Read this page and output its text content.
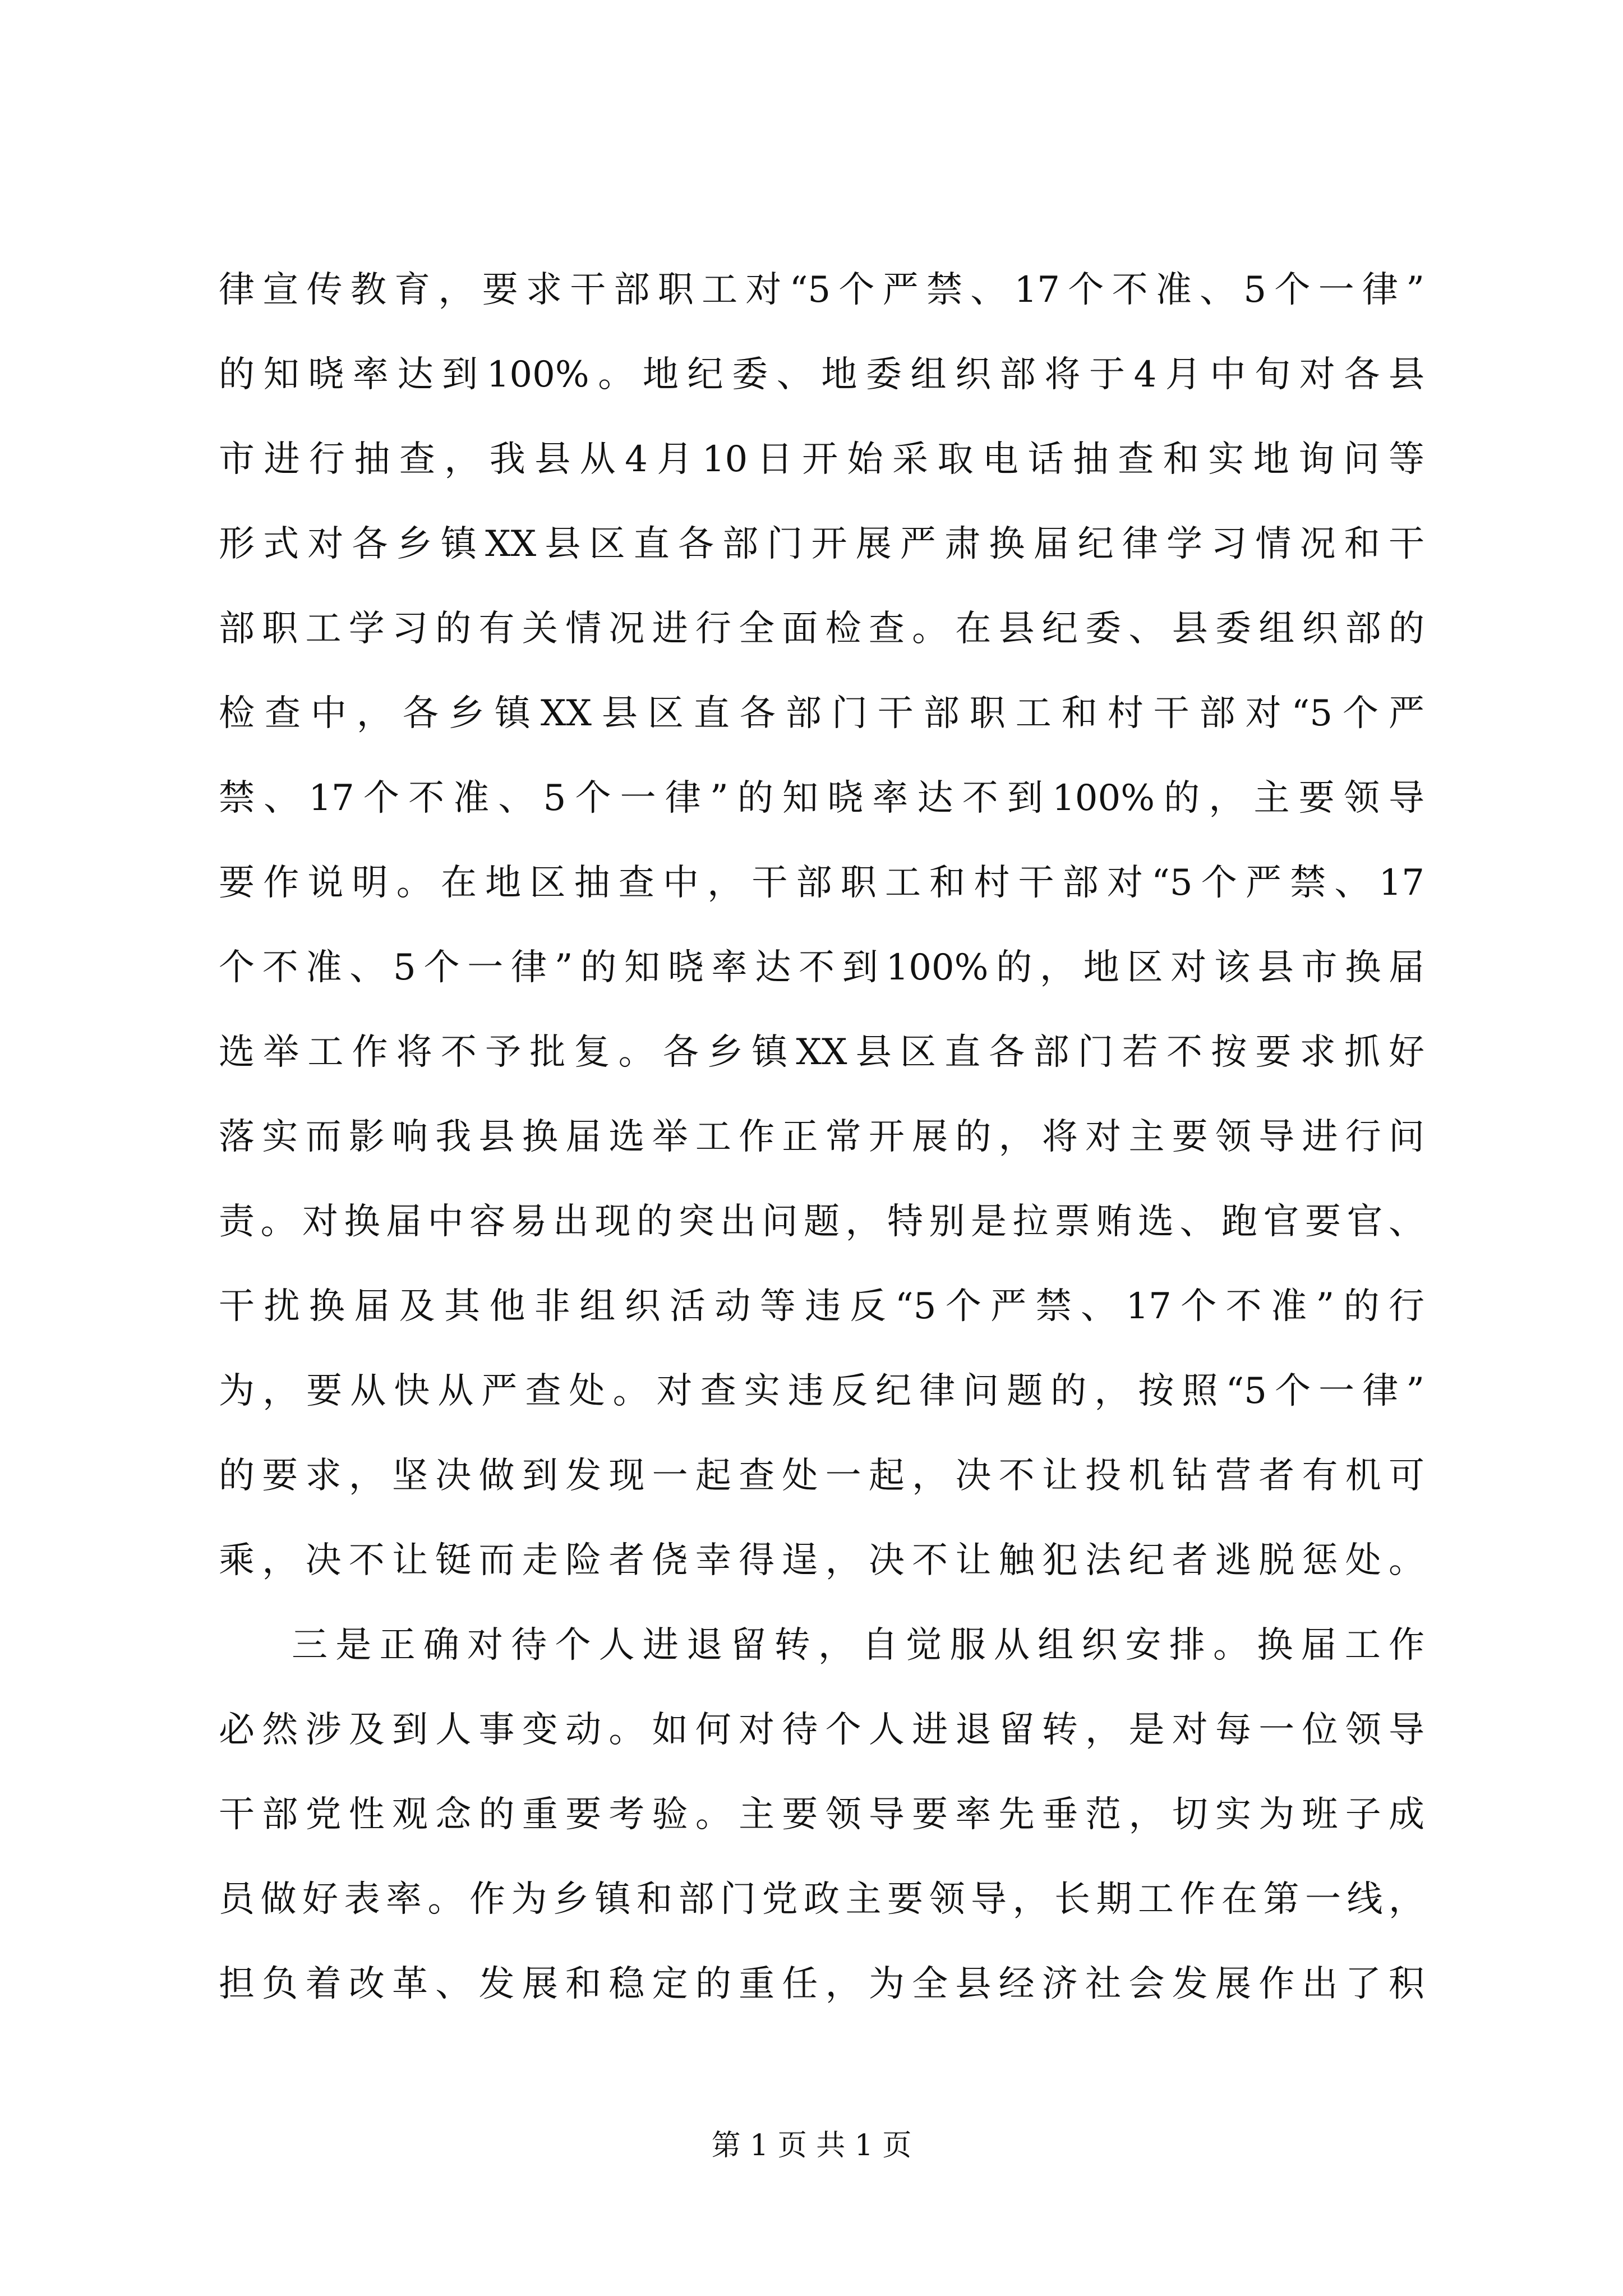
律宣传教育，要求干部职工对“5个严禁、17个不准、5个一律”
的知晓率达到100%。地纪委、地委组织部将于4月中旬对各县
市进行抽查，我县从4月10日开始采取电话抽查和实地询问等
形式对各乡镇XX县区直各部门开展严肃换届纪律学习情况和干
部职工学习的有关情况进行全面检查。在县纪委、县委组织部的
检查中，各乡镇XX县区直各部门干部职工和村干部对“5个严
禁、17个不准、5个一律”的知晓率达不到100%的，主要领导
要作说明。在地区抽查中，干部职工和村干部对“5个严禁、17
个不准、5个一律”的知晓率达不到100%的，地区对该县市换届
选举工作将不予批复。各乡镇XX县区直各部门若不按要求抓好
落实而影响我县换届选举工作正常开展的，将对主要领导进行问
责。对换届中容易出现的突出问题，特别是拉票贿选、跑官要官、
干扰换届及其他非组织活动等违反“5个严禁、17个不准”的行
为，要从快从严查处。对查实违反纪律问题的，按照“5个一律”
的要求，坚决做到发现一起查处一起，决不让投机钻营者有机可
乘，决不让铤而走险者侥幸得逞，决不让触犯法纪者逃脱惩处。
三是正确对待个人进退留转，自觉服从组织安排。换届工作
必然涉及到人事变动。如何对待个人进退留转，是对每一位领导
干部党性观念的重要考验。主要领导要率先垂范，切实为班子成
员做好表率。作为乡镇和部门党政主要领导，长期工作在第一线，
担负着改革、发展和稳定的重任，为全县经济社会发展作出了积
第 1 页 共 1 页
